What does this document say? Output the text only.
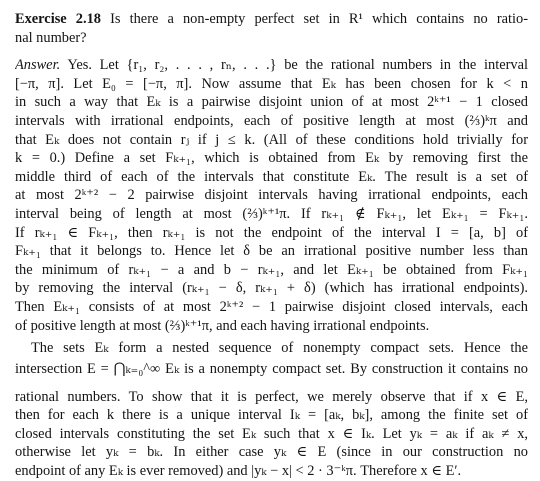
Exercise 2.18 Is there a non-empty perfect set in R¹ which contains no ratio-
nal number?
Answer. Yes. Let {r₁, r₂, . . . , rₙ, . . .} be the rational numbers in the interval
[−π, π]. Let E₀ = [−π, π]. Now assume that Eₖ has been chosen for k < n
in such a way that Eₖ is a pairwise disjoint union of at most 2ᵏ⁺¹ − 1 closed
intervals with irrational endpoints, each of positive length at most (⅔)ᵏπ and
that Eₖ does not contain rⱼ if j ≤ k. (All of these conditions hold trivially for
k = 0.) Define a set Fₖ₊₁, which is obtained from Eₖ by removing first the
middle third of each of the intervals that constitute Eₖ. The result is a set of
at most 2ᵏ⁺² − 2 pairwise disjoint intervals having irrational endpoints, each
interval being of length at most (⅔)ᵏ⁺¹π. If rₖ₊₁ ∉ Fₖ₊₁, let Eₖ₊₁ = Fₖ₊₁.
If rₖ₊₁ ∈ Fₖ₊₁, then rₖ₊₁ is not the endpoint of the interval I = [a, b] of
Fₖ₊₁ that it belongs to. Hence let δ be an irrational positive number less than
the minimum of rₖ₊₁ − a and b − rₖ₊₁, and let Eₖ₊₁ be obtained from Fₖ₊₁
by removing the interval (rₖ₊₁ − δ, rₖ₊₁ + δ) (which has irrational endpoints).
Then Eₖ₊₁ consists of at most 2ᵏ⁺² − 1 pairwise disjoint closed intervals, each
of positive length at most (⅔)ᵏ⁺¹π, and each having irrational endpoints.
The sets Eₖ form a nested sequence of nonempty compact sets. Hence the
intersection E = ⋂ₖ₌₀^∞ Eₖ is a nonempty compact set. By construction it contains no
rational numbers. To show that it is perfect, we merely observe that if x ∈ E,
then for each k there is a unique interval Iₖ = [aₖ, bₖ], among the finite set of
closed intervals constituting the set Eₖ such that x ∈ Iₖ. Let yₖ = aₖ if aₖ ≠ x,
otherwise let yₖ = bₖ. In either case yₖ ∈ E (since in our construction no
endpoint of any Eₖ is ever removed) and |yₖ − x| < 2 · 3⁻ᵏπ. Therefore x ∈ E′.
